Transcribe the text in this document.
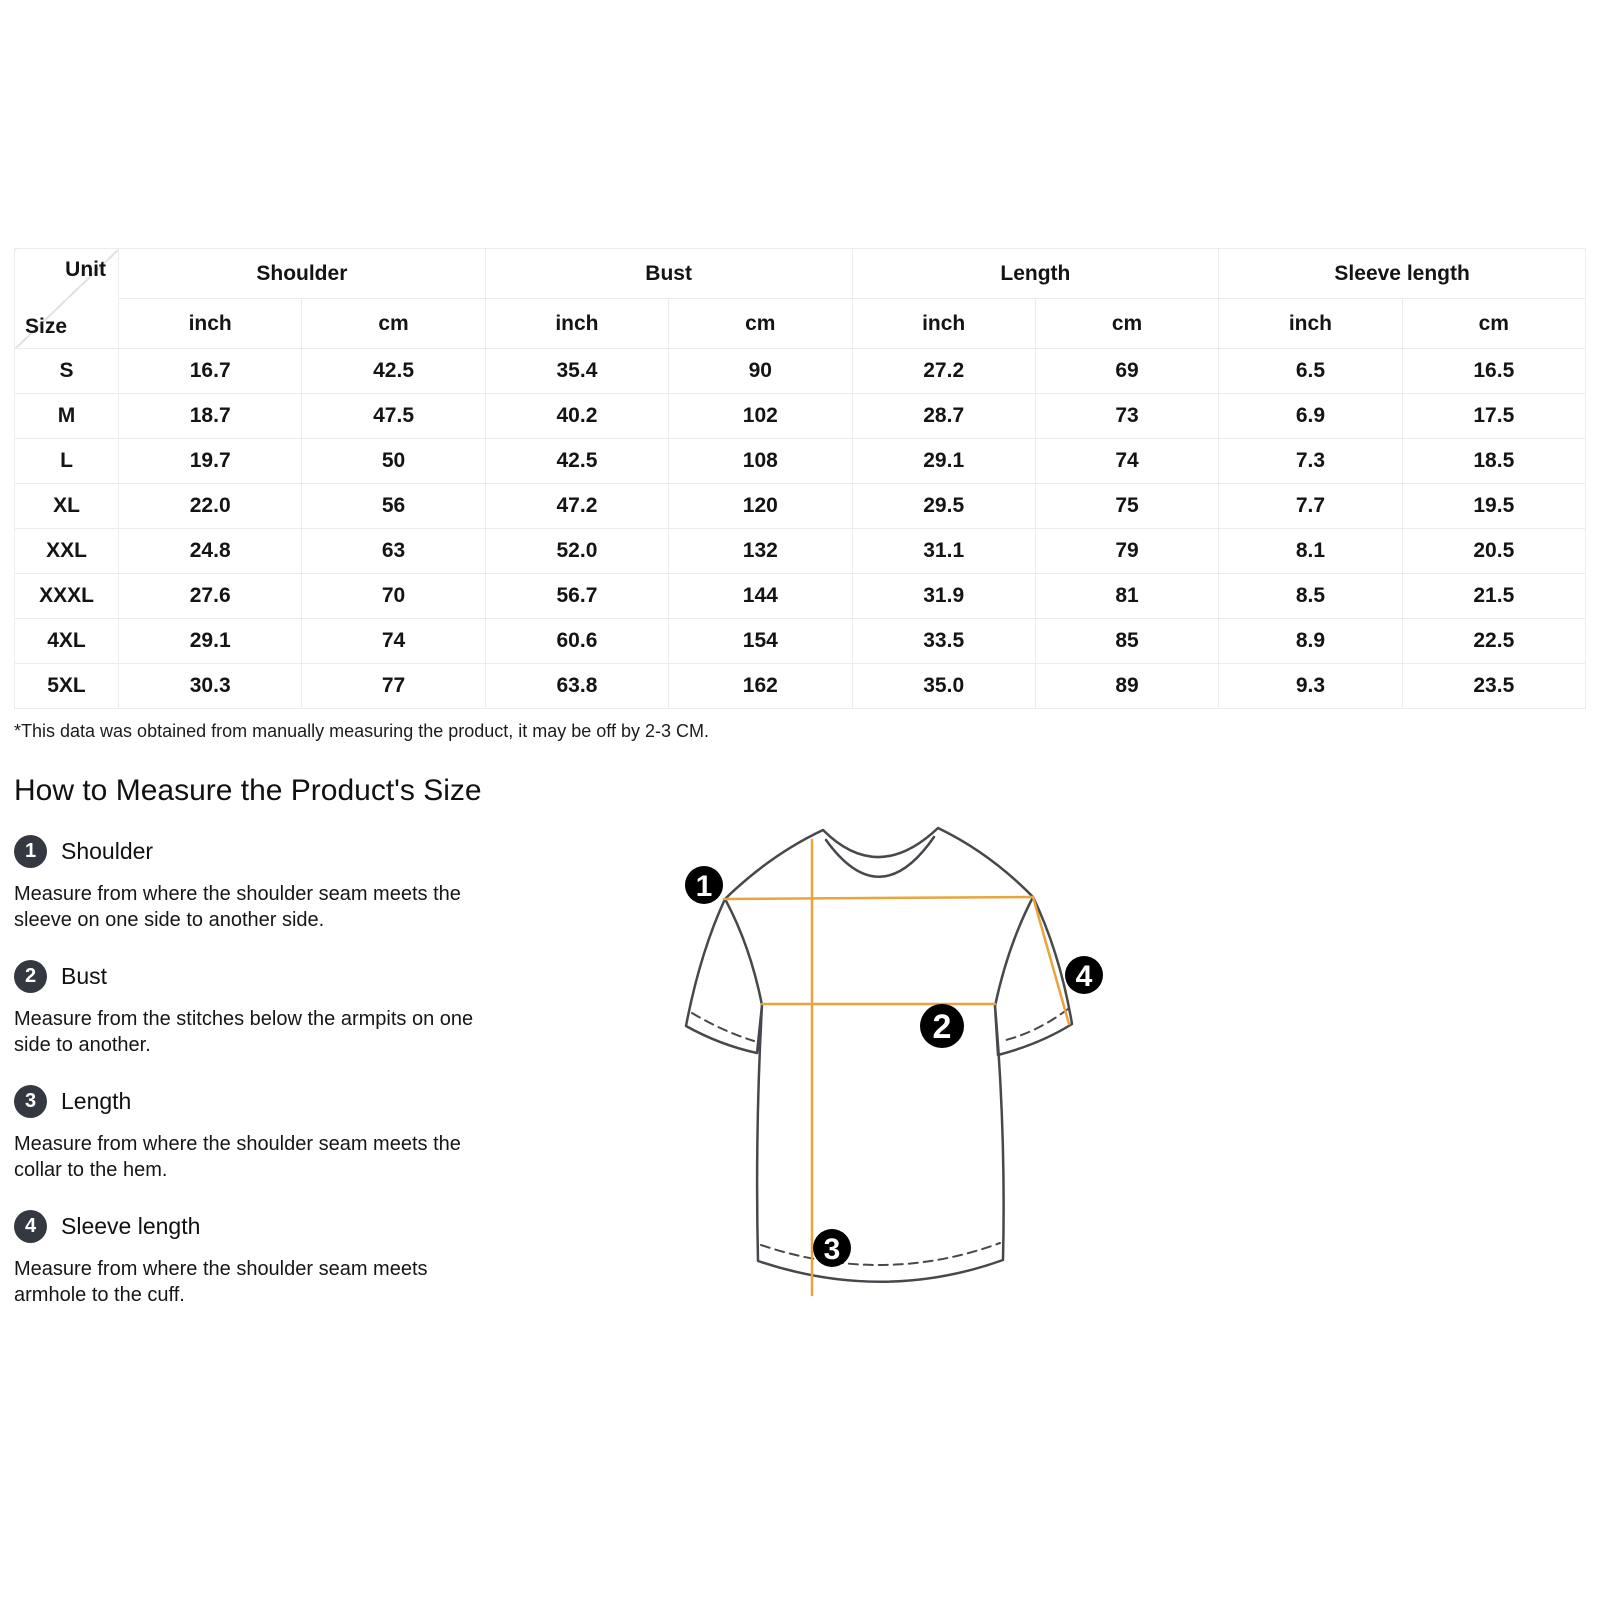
Unit
Size	Shoulder		Bust		Length		Sleeve length	
	inch	cm	inch	cm	inch	cm	inch	cm
S	16.7	42.5	35.4	90	27.2	69	6.5	16.5
M	18.7	47.5	40.2	102	28.7	73	6.9	17.5
L	19.7	50	42.5	108	29.1	74	7.3	18.5
XL	22.0	56	47.2	120	29.5	75	7.7	19.5
XXL	24.8	63	52.0	132	31.1	79	8.1	20.5
XXXL	27.6	70	56.7	144	31.9	81	8.5	21.5
4XL	29.1	74	60.6	154	33.5	85	8.9	22.5
5XL	30.3	77	63.8	162	35.0	89	9.3	23.5
*This data was obtained from manually measuring the product, it may be off by 2-3 CM.
How to Measure the Product's Size
1	Shoulder
Measure from where the shoulder seam meets the
sleeve on one side to another side.
2	Bust
Measure from the stitches below the armpits on one
side to another.
3	Length
Measure from where the shoulder seam meets the
collar to the hem.
4	Sleeve length
Measure from where the shoulder seam meets
armhole to the cuff.
1
2
3
4
